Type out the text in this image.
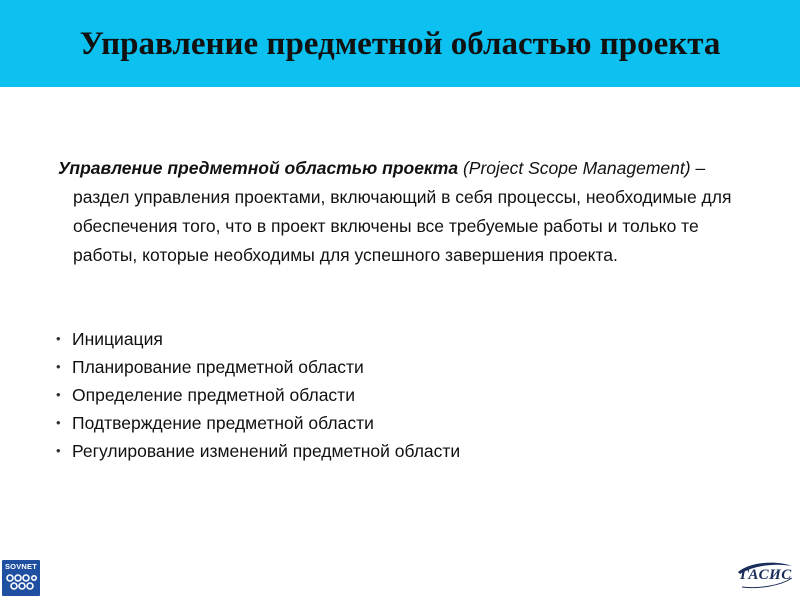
Управление предметной областью проекта

Управление предметной областью проекта (Project Scope Management) – раздел управления проектами, включающий в себя процессы, необходимые для обеспечения того, что в проект включены все требуемые работы и только те работы, которые необходимы для успешного завершения проекта.

• Инициация
• Планирование предметной области
• Определение предметной области
• Подтверждение предметной области
• Регулирование изменений предметной области
SOVNET
ГАСИС
